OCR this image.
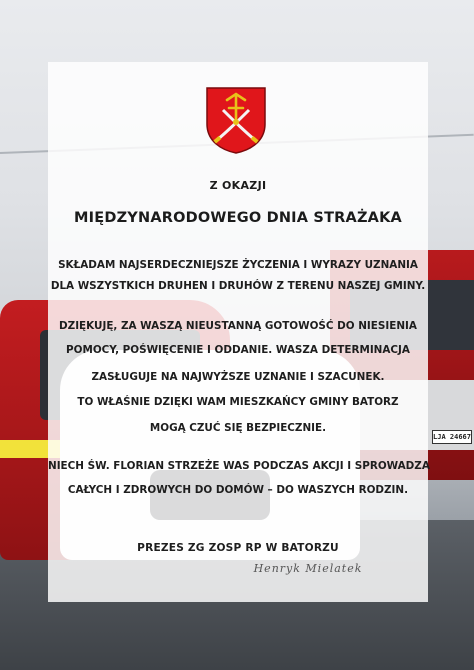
LJA 24667
Z OKAZJI
MIĘDZYNARODOWEGO DNIA STRAŻAKA
SKŁADAM NAJSERDECZNIEJSZE ŻYCZENIA I WYRAZY UZNANIA
DLA WSZYSTKICH DRUHEN I DRUHÓW Z TERENU NASZEJ GMINY.
DZIĘKUJĘ, ZA WASZĄ NIEUSTANNĄ GOTOWOŚĆ DO NIESIENIA
POMOCY, POŚWIĘCENIE I ODDANIE. WASZA DETERMINACJA
ZASŁUGUJE NA NAJWYŻSZE UZNANIE I SZACUNEK.
TO WŁAŚNIE DZIĘKI WAM MIESZKAŃCY GMINY BATORZ
MOGĄ CZUĆ SIĘ BEZPIECZNIE.
NIECH ŚW. FLORIAN STRZEŻE WAS PODCZAS AKCJI I SPROWADZA
CAŁYCH I ZDROWYCH DO DOMÓW – DO WASZYCH RODZIN.
PREZES ZG ZOSP RP W BATORZU
Henryk Mielatek
